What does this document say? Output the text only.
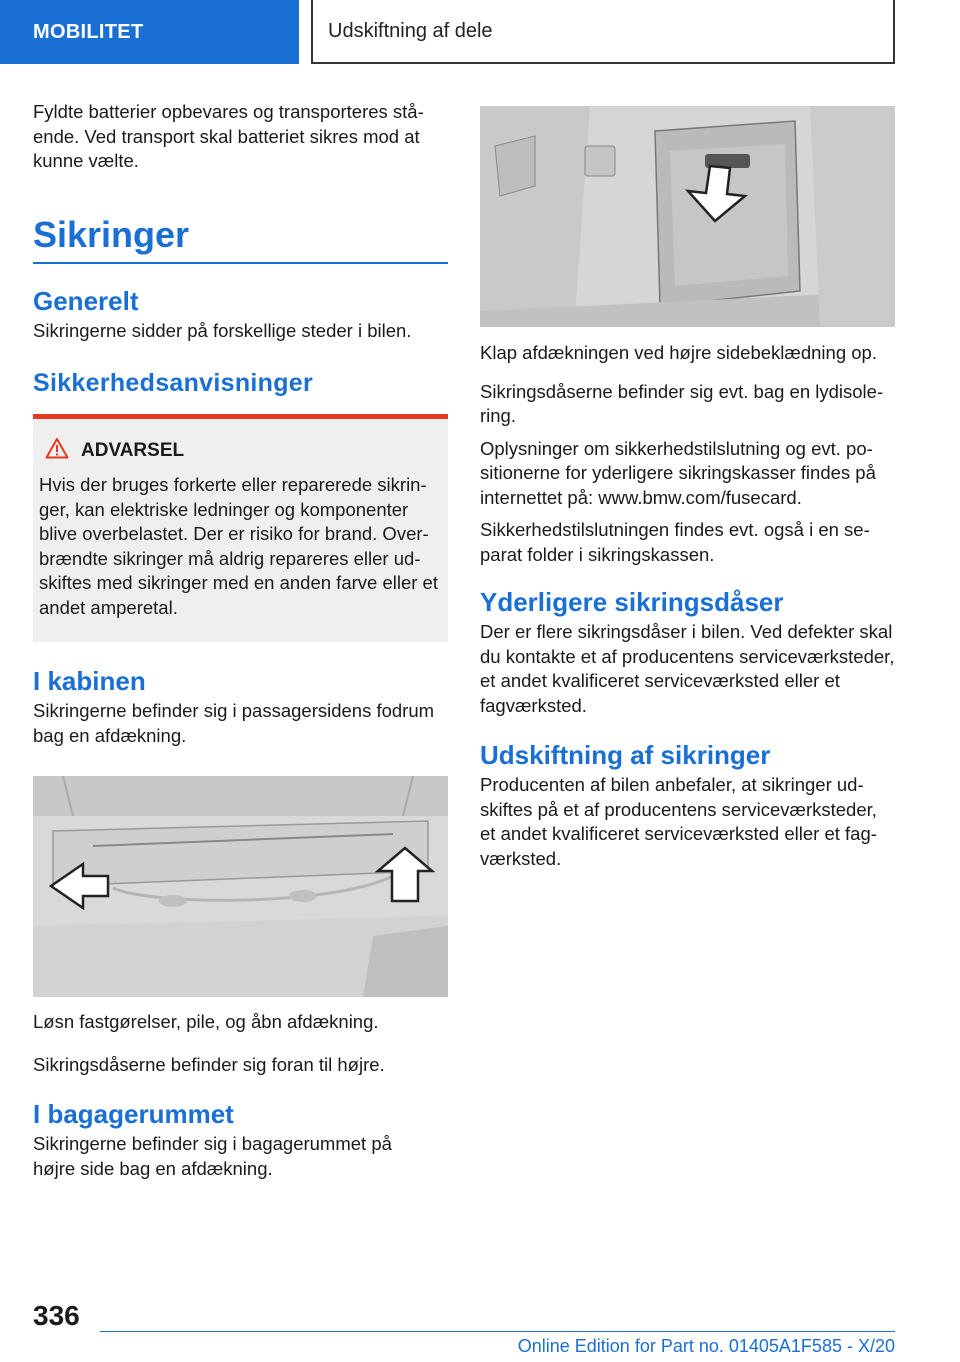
MOBILITET	Udskiftning af dele

Fyldte batterier opbevares og transporteres stående. Ved transport skal batteriet sikres mod at kunne vælte.

Sikringer
Generelt

Sikringerne sidder på forskellige steder i bilen.

Sikkerhedsanvisninger
ADVARSEL

Hvis der bruges forkerte eller reparerede sikringer, kan elektriske ledninger og komponenter blive overbelastet. Der er risiko for brand. Overbrændte sikringer må aldrig repareres eller udskiftes med sikringer med en anden farve eller et andet amperetal.

I kabinen

Sikringerne befinder sig i passagersidens fodrum bag en afdækning.

Løsn fastgørelser, pile, og åbn afdækning.

Sikringsdåserne befinder sig foran til højre.

I bagagerummet

Sikringerne befinder sig i bagagerummet på højre side bag en afdækning.

Klap afdækningen ved højre sidebeklædning op.

Sikringsdåserne befinder sig evt. bag en lydisolering.

Oplysninger om sikkerhedstilslutning og evt. positionerne for yderligere sikringskasser findes på internettet på: www.bmw.com/fusecard.

Sikkerhedstilslutningen findes evt. også i en separat folder i sikringskassen.

Yderligere sikringsdåser

Der er flere sikringsdåser i bilen. Ved defekter skal du kontakte et af producentens serviceværksteder, et andet kvalificeret serviceværksted eller et fagværksted.

Udskiftning af sikringer

Producenten af bilen anbefaler, at sikringer udskiftes på et af producentens serviceværksteder, et andet kvalificeret serviceværksted eller et fagværksted.

336
Online Edition for Part no. 01405A1F585 - X/20
